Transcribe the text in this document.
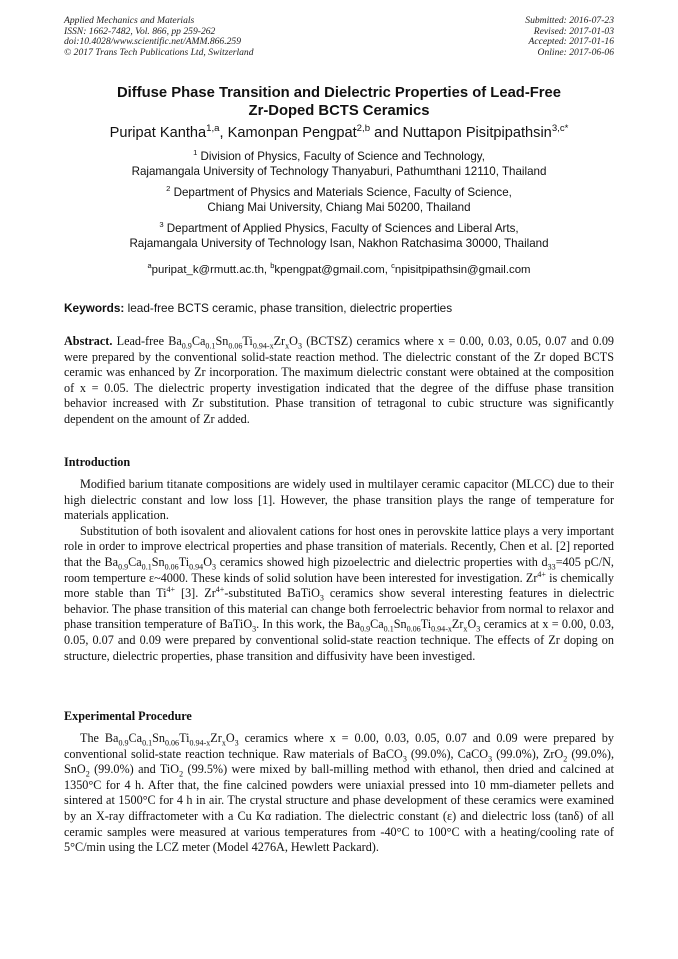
Applied Mechanics and Materials
ISSN: 1662-7482, Vol. 866, pp 259-262
doi:10.4028/www.scientific.net/AMM.866.259
© 2017 Trans Tech Publications Ltd, Switzerland
Submitted: 2016-07-23
Revised: 2017-01-03
Accepted: 2017-01-16
Online: 2017-06-06
Diffuse Phase Transition and Dielectric Properties of Lead-Free
Zr-Doped BCTS Ceramics
Puripat Kantha$^{1,a}$, Kamonpan Pengpat$^{2,b}$ and Nuttapon Pisitpipathsin$^{3,c*}$
$^1$ Division of Physics, Faculty of Science and Technology,
Rajamangala University of Technology Thanyaburi, Pathumthani 12110, Thailand
$^2$ Department of Physics and Materials Science, Faculty of Science,
Chiang Mai University, Chiang Mai 50200, Thailand
$^3$ Department of Applied Physics, Faculty of Sciences and Liberal Arts,
Rajamangala University of Technology Isan, Nakhon Ratchasima 30000, Thailand
$^a$puripat_k@rmutt.ac.th, $^b$kpengpat@gmail.com, $^c$npisitpipathsin@gmail.com
Keywords: lead-free BCTS ceramic, phase transition, dielectric properties
Abstract. Lead-free $Ba_{0.9}Ca_{0.1}Sn_{0.06}Ti_{0.94-x}Zr_xO_3$ (BCTSZ) ceramics where x = 0.00, 0.03, 0.05, 0.07 and 0.09 were prepared by the conventional solid-state reaction method. The dielectric constant of the Zr doped BCTS ceramic was enhanced by Zr incorporation. The maximum dielectric constant were obtained at the composition of x = 0.05. The dielectric property investigation indicated that the degree of the diffuse phase transition behavior increased with Zr substitution. Phase transition of tetragonal to cubic structure was significantly dependent on the amount of Zr added.
Introduction

Modified barium titanate compositions are widely used in multilayer ceramic capacitor (MLCC) due to their high dielectric constant and low loss [1]. However, the phase transition plays the range of temperature for materials application.

Substitution of both isovalent and aliovalent cations for host ones in perovskite lattice plays a very important role in order to improve electrical properties and phase transition of materials. Recently, Chen et al. [2] reported that the $Ba_{0.9}Ca_{0.1}Sn_{0.06}Ti_{0.94}O_3$ ceramics showed high pizoelectric and dielectric properties with $d_{33}=405$ pC/N, room temperture ε~4000. These kinds of solid solution have been interested for investigation. $Zr^{4+}$ is chemically more stable than $Ti^{4+}$ [3]. $Zr^{4+}$-substituted BaTiO$_3$ ceramics show several interesting features in dielectric behavior. The phase transition of this material can change both ferroelectric behavior from normal to relaxor and phase transition temperature of BaTiO$_3$. In this work, the $Ba_{0.9}Ca_{0.1}Sn_{0.06}Ti_{0.94-x}Zr_xO_3$ ceramics at x = 0.00, 0.03, 0.05, 0.07 and 0.09 were prepared by conventional solid-state reaction technique. The effects of Zr doping on structure, dielectric properties, phase transition and diffusivity have been investiged.

Experimental Procedure

The $Ba_{0.9}Ca_{0.1}Sn_{0.06}Ti_{0.94-x}Zr_xO_3$ ceramics where x = 0.00, 0.03, 0.05, 0.07 and 0.09 were prepared by conventional solid-state reaction technique. Raw materials of BaCO$_3$ (99.0%), CaCO$_3$ (99.0%), ZrO$_2$ (99.0%), SnO$_2$ (99.0%) and TiO$_2$ (99.5%) were mixed by ball-milling method with ethanol, then dried and calcined at 1350°C for 4 h. After that, the fine calcined powders were uniaxial pressed into 10 mm-diameter pellets and sintered at 1500°C for 4 h in air. The crystal structure and phase development of these ceramics were examined by an X-ray diffractometer with a Cu Kα radiation. The dielectric constant (ε) and dielectric loss (tanδ) of all ceramic samples were measured at various temperatures from -40°C to 100°C with a heating/cooling rate of 5°C/min using the LCZ meter (Model 4276A, Hewlett Packard).
